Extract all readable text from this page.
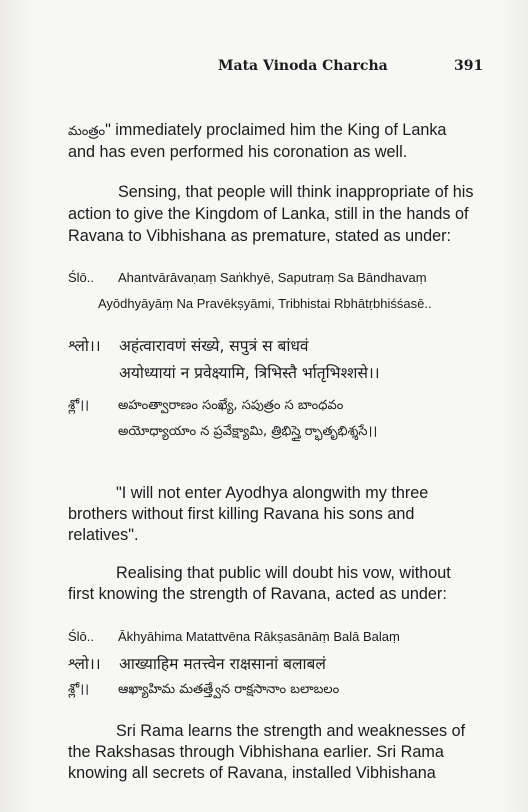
Mata Vinoda Charcha	391
మంత్రం" immediately proclaimed him the King of Lanka
and has even performed his coronation as well.
Sensing, that people will think inappropriate of his
action to give the Kingdom of Lanka, still in the hands of
Ravana to Vibhishana as premature, stated as under:
Ślō.. Ahantvārāvaṇaṃ Saṅkhyē, Saputraṃ Sa Bāndhavaṃ
Ayōdhyāyāṃ Na Pravēkṣyāmi, Tribhistai Rbhātṛbhiśśasē..
श्लो।। अहंत्वारावणं संख्ये, सपुत्रं स बांधवं
अयोध्यायां न प्रवेक्ष्यामि, त्रिभिस्तै र्भातृभिश्शसे।।
శ్లో।। అహంత్వారాణం సంఖ్యే, సపుత్రం స బాంధవం
అయోధ్యాయాం న ప్రవేక్ష్యామి, త్రిభిస్తై ర్భాతృభిశ్శసే।।
"I will not enter Ayodhya alongwith my three
brothers without first killing Ravana his sons and
relatives".
Realising that public will doubt his vow, without
first knowing the strength of Ravana, acted as under:
Ślō.. Ākhyāhima Matattvēna Rākṣasānāṃ Balā Balaṃ
श्लो।। आख्याहिम मतत्त्वेन राक्षसानां बलाबलं
శ్లో।। ఆఖ్యాహిమ మతత్త్వేన రాక్షసానాం బలాబలం
Sri Rama learns the strength and weaknesses of
the Rakshasas through Vibhishana earlier. Sri Rama
knowing all secrets of Ravana, installed Vibhishana
